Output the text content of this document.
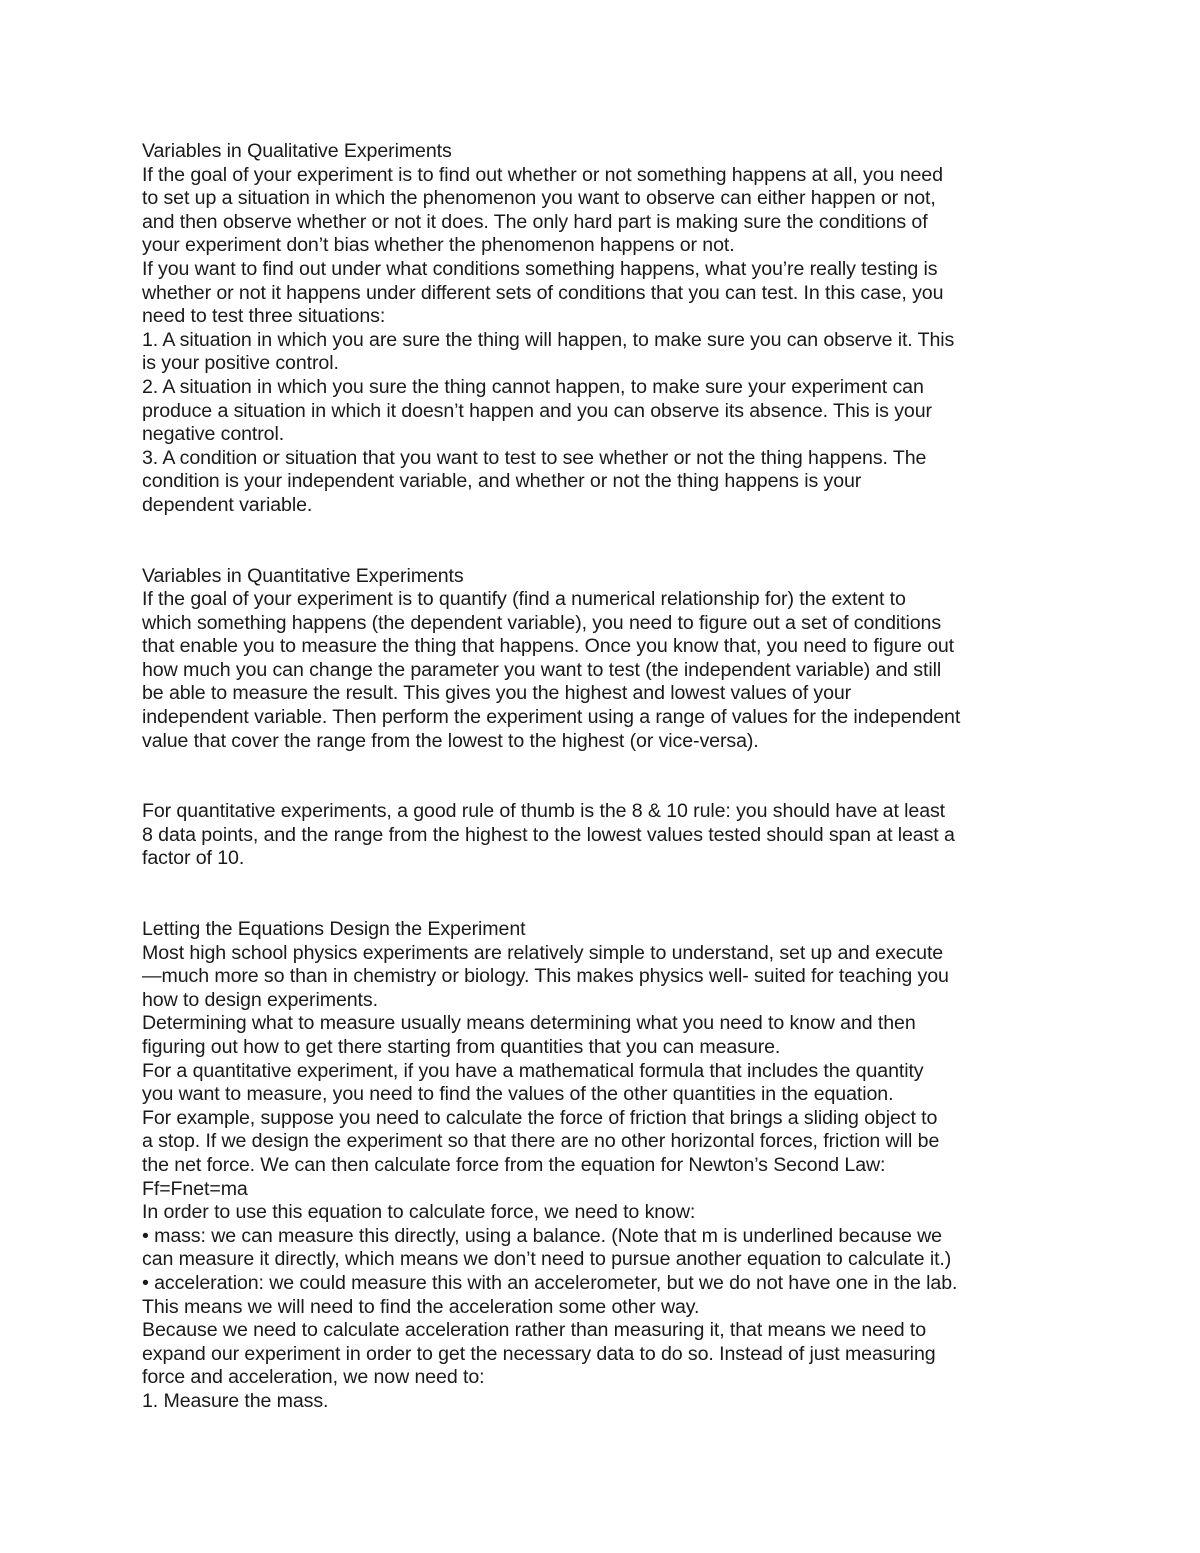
Variables in Qualitative Experiments
If the goal of your experiment is to find out whether or not something happens at all, you need
to set up a situation in which the phenomenon you want to observe can either happen or not,
and then observe whether or not it does. The only hard part is making sure the conditions of
your experiment don’t bias whether the phenomenon happens or not.
If you want to find out under what conditions something happens, what you’re really testing is
whether or not it happens under different sets of conditions that you can test. In this case, you
need to test three situations:
1. A situation in which you are sure the thing will happen, to make sure you can observe it. This
is your positive control.
2. A situation in which you sure the thing cannot happen, to make sure your experiment can
produce a situation in which it doesn’t happen and you can observe its absence. This is your
negative control.
3. A condition or situation that you want to test to see whether or not the thing happens. The
condition is your independent variable, and whether or not the thing happens is your
dependent variable.
Variables in Quantitative Experiments
If the goal of your experiment is to quantify (find a numerical relationship for) the extent to
which something happens (the dependent variable), you need to figure out a set of conditions
that enable you to measure the thing that happens. Once you know that, you need to figure out
how much you can change the parameter you want to test (the independent variable) and still
be able to measure the result. This gives you the highest and lowest values of your
independent variable. Then perform the experiment using a range of values for the independent
value that cover the range from the lowest to the highest (or vice-versa).
For quantitative experiments, a good rule of thumb is the 8 & 10 rule: you should have at least
8 data points, and the range from the highest to the lowest values tested should span at least a
factor of 10.
Letting the Equations Design the Experiment
Most high school physics experiments are relatively simple to understand, set up and execute
—much more so than in chemistry or biology. This makes physics well- suited for teaching you
how to design experiments.
Determining what to measure usually means determining what you need to know and then
figuring out how to get there starting from quantities that you can measure.
For a quantitative experiment, if you have a mathematical formula that includes the quantity
you want to measure, you need to find the values of the other quantities in the equation.
For example, suppose you need to calculate the force of friction that brings a sliding object to
a stop. If we design the experiment so that there are no other horizontal forces, friction will be
the net force. We can then calculate force from the equation for Newton’s Second Law:
Ff=Fnet=ma
In order to use this equation to calculate force, we need to know:
• mass: we can measure this directly, using a balance. (Note that m is underlined because we
can measure it directly, which means we don’t need to pursue another equation to calculate it.)
• acceleration: we could measure this with an accelerometer, but we do not have one in the lab.
This means we will need to find the acceleration some other way.
Because we need to calculate acceleration rather than measuring it, that means we need to
expand our experiment in order to get the necessary data to do so. Instead of just measuring
force and acceleration, we now need to:
1. Measure the mass.
